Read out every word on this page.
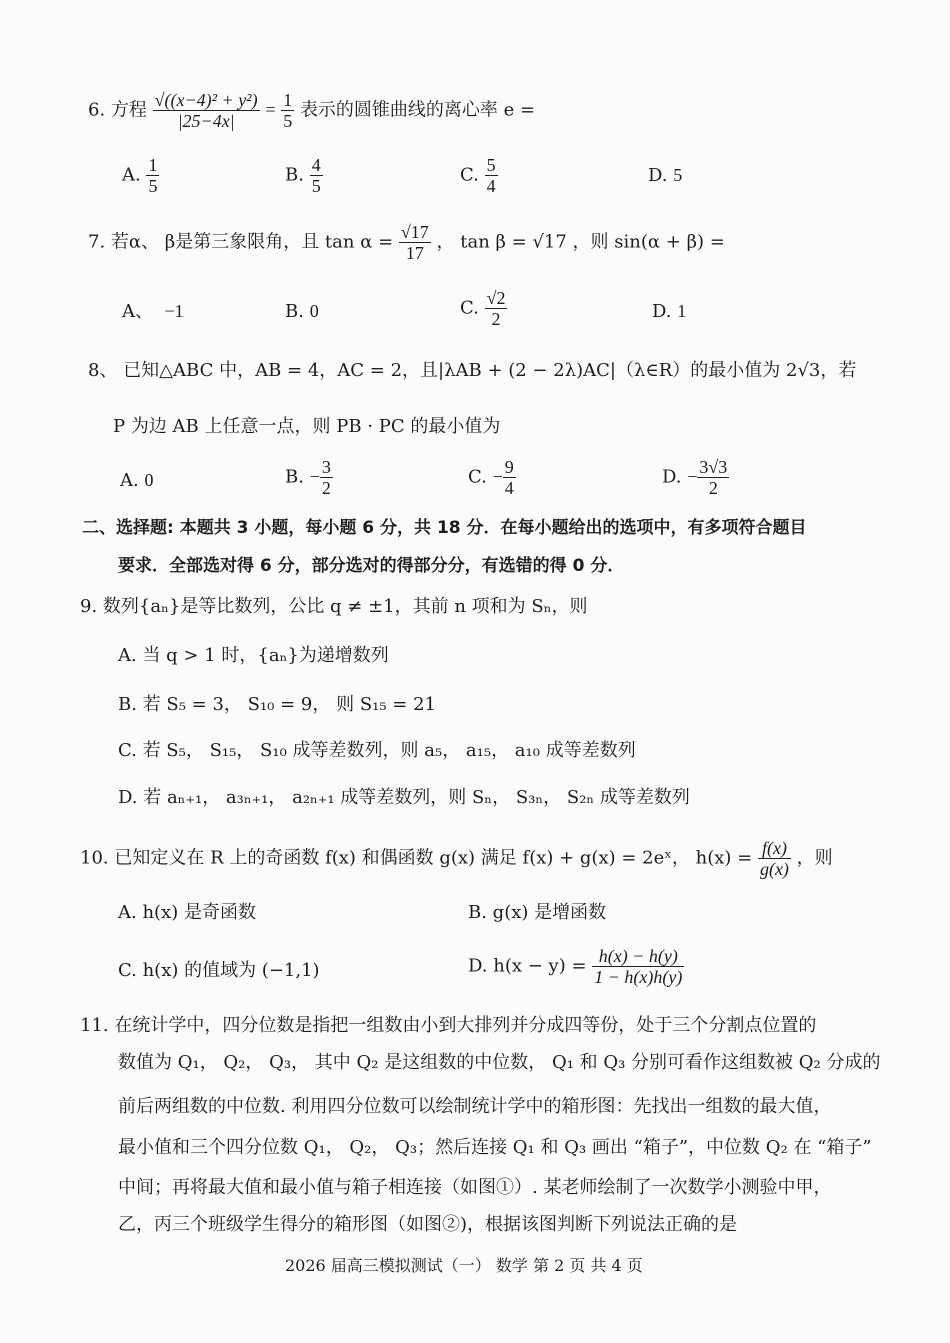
6. 方程 $\frac{\text{√((x−4)² + y²)}}{|25-4x|} = \frac{1}{5}$ 表示的圆锥曲线的离心率 e =
A. $\frac{1}{5}$	B. $\frac{4}{5}$	C. $\frac{5}{4}$	D. 5
7. 若α、 β是第三象限角，且 $\tan \alpha = \frac{√17}{17}$ ， tan β = √17 ，则 sin(α + β) =
A、 −1	B. 0	C. $\frac{√2}{2}$	D. 1
8、 已知△ABC 中，AB = 4，AC = 2，且|λAB + (2 − 2λ)AC|（λ∈R）的最小值为 2√3，若
P 为边 AB 上任意一点，则 PB · PC 的最小值为
A. 0	B. − $\frac{3}{2}$	C. − $\frac{9}{4}$	D. − $\frac{3√3}{2}$
二、选择题: 本题共 3 小题，每小题 6 分，共 18 分．在每小题给出的选项中，有多项符合题目
要求．全部选对得 6 分，部分选对的得部分分，有选错的得 0 分．
9. 数列{aₙ}是等比数列，公比 q ≠ ±1，其前 n 项和为 Sₙ，则
A. 当 q > 1 时，{aₙ}为递增数列
B. 若 S₅ = 3， S₁₀ = 9， 则 S₁₅ = 21
C. 若 S₅， S₁₅， S₁₀ 成等差数列，则 a₅， a₁₅， a₁₀ 成等差数列
D. 若 aₙ₊₁， a₃ₙ₊₁， a₂ₙ₊₁ 成等差数列，则 Sₙ， S₃ₙ， S₂ₙ 成等差数列
10. 已知定义在 R 上的奇函数 f(x) 和偶函数 g(x) 满足 f(x) + g(x) = 2eˣ， $h(x) = \frac{f(x)}{g(x)}$ ，则
A. h(x) 是奇函数	B. g(x) 是增函数
C. h(x) 的值域为 (−1,1)	D. $h(x - y) = \frac{h(x) - h(y)}{1 - h(x)h(y)}$
11. 在统计学中，四分位数是指把一组数由小到大排列并分成四等份，处于三个分割点位置的
数值为 Q₁， Q₂， Q₃， 其中 Q₂ 是这组数的中位数， Q₁ 和 Q₃ 分别可看作这组数被 Q₂ 分成的
前后两组数的中位数. 利用四分位数可以绘制统计学中的箱形图：先找出一组数的最大值，
最小值和三个四分位数 Q₁， Q₂， Q₃；然后连接 Q₁ 和 Q₃ 画出 “箱子”，中位数 Q₂ 在 “箱子”
中间；再将最大值和最小值与箱子相连接（如图①）. 某老师绘制了一次数学小测验中甲，
乙，丙三个班级学生得分的箱形图（如图②)，根据该图判断下列说法正确的是
2026 届高三模拟测试（一） 数学 第 2 页 共 4 页
